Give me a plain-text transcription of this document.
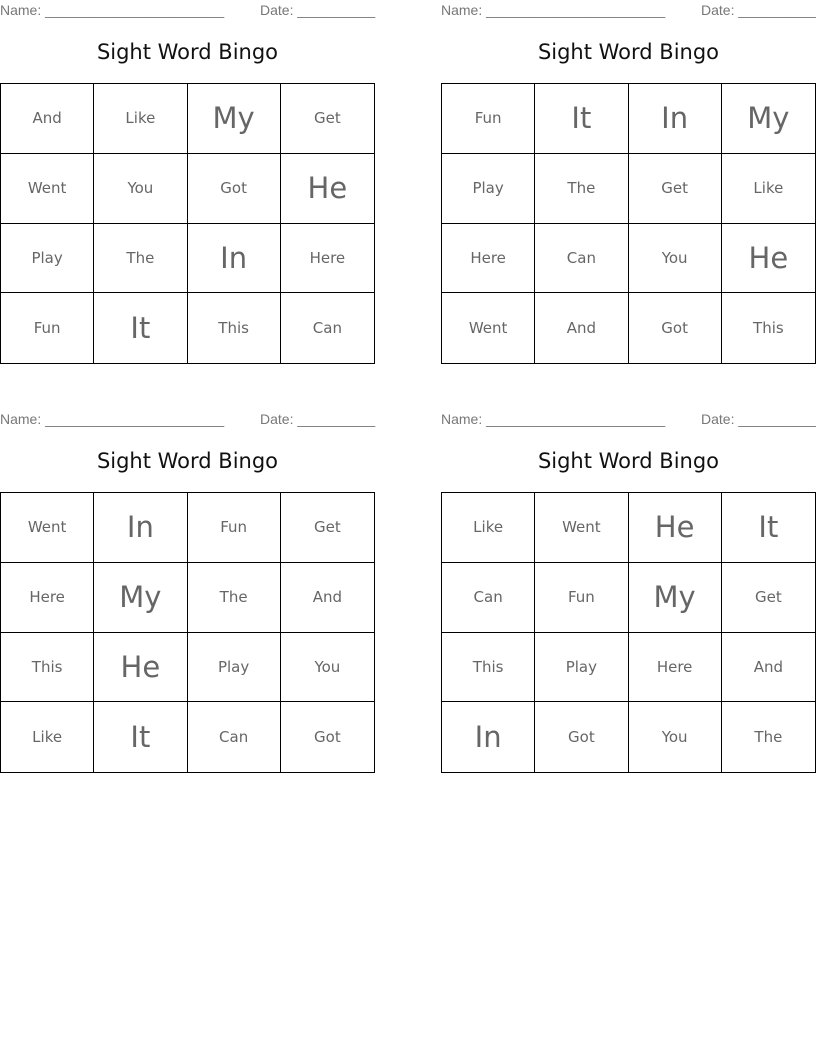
Name: _______________________	Date: __________
Sight Word Bingo
And	Like	My	Get
Went	You	Got	He
Play	The	In	Here
Fun	It	This	Can
Name: _______________________	Date: __________
Sight Word Bingo
Fun	It	In	My
Play	The	Get	Like
Here	Can	You	He
Went	And	Got	This
Name: _______________________	Date: __________
Sight Word Bingo
Went	In	Fun	Get
Here	My	The	And
This	He	Play	You
Like	It	Can	Got
Name: _______________________	Date: __________
Sight Word Bingo
Like	Went	He	It
Can	Fun	My	Get
This	Play	Here	And
In	Got	You	The
